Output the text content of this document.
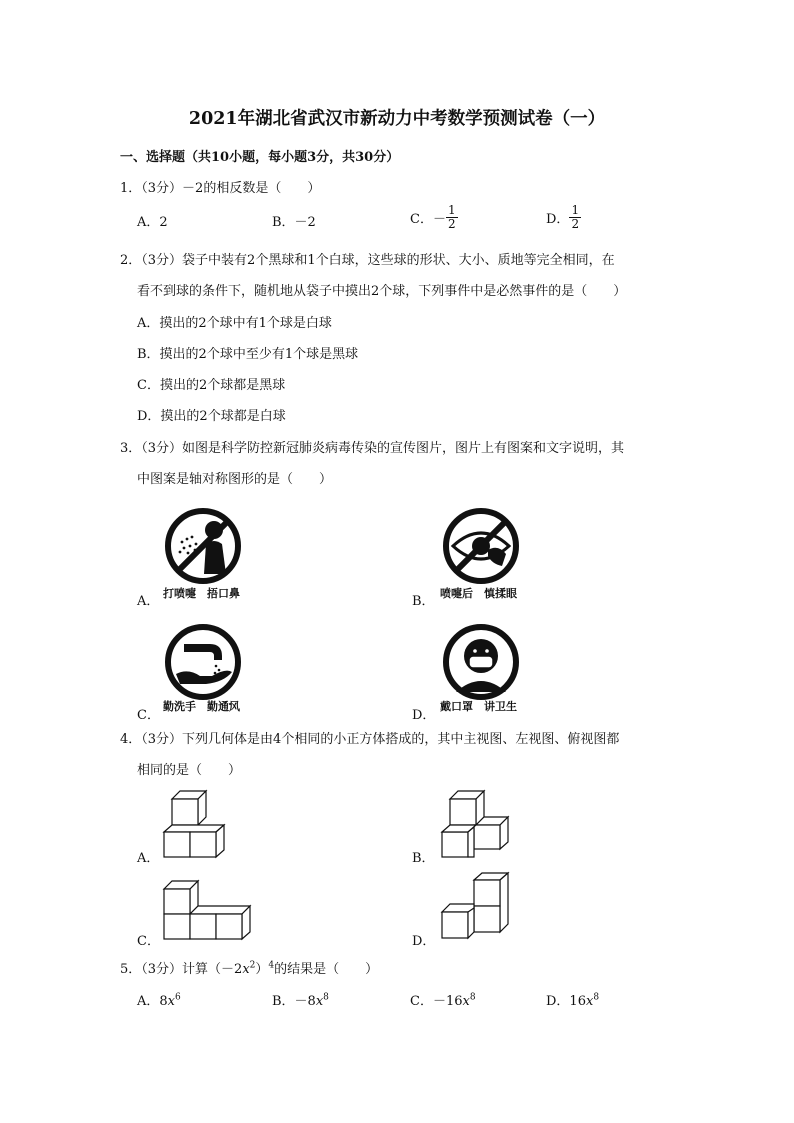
2021年湖北省武汉市新动力中考数学预测试卷（一）
一、选择题（共10小题，每小题3分，共30分）
1．（3分）－2的相反数是（　　）
A．2	B．－2	C．－ $\frac{1}{2}$	D． $\frac{1}{2}$
2．（3分）袋子中装有2个黑球和1个白球，这些球的形状、大小、质地等完全相同，在
看不到球的条件下，随机地从袋子中摸出2个球，下列事件中是必然事件的是（　　）
A．摸出的2个球中有1个球是白球
B．摸出的2个球中至少有1个球是黑球
C．摸出的2个球都是黑球
D．摸出的2个球都是白球
3．（3分）如图是科学防控新冠肺炎病毒传染的宣传图片，图片上有图案和文字说明，其
中图案是轴对称图形的是（　　）
A．
打喷嚏　捂口鼻
B．
喷嚏后　慎揉眼
C．
勤洗手　勤通风
D．
戴口罩　讲卫生
4．（3分）下列几何体是由4个相同的小正方体搭成的，其中主视图、左视图、俯视图都
相同的是（　　）
A．	B．
C．	D．
5．（3分）计算$(-2x^2)^4$的结果是（　　）
A．$8x^6$	B．$-8x^8$	C．$-16x^8$	D．$16x^8$
